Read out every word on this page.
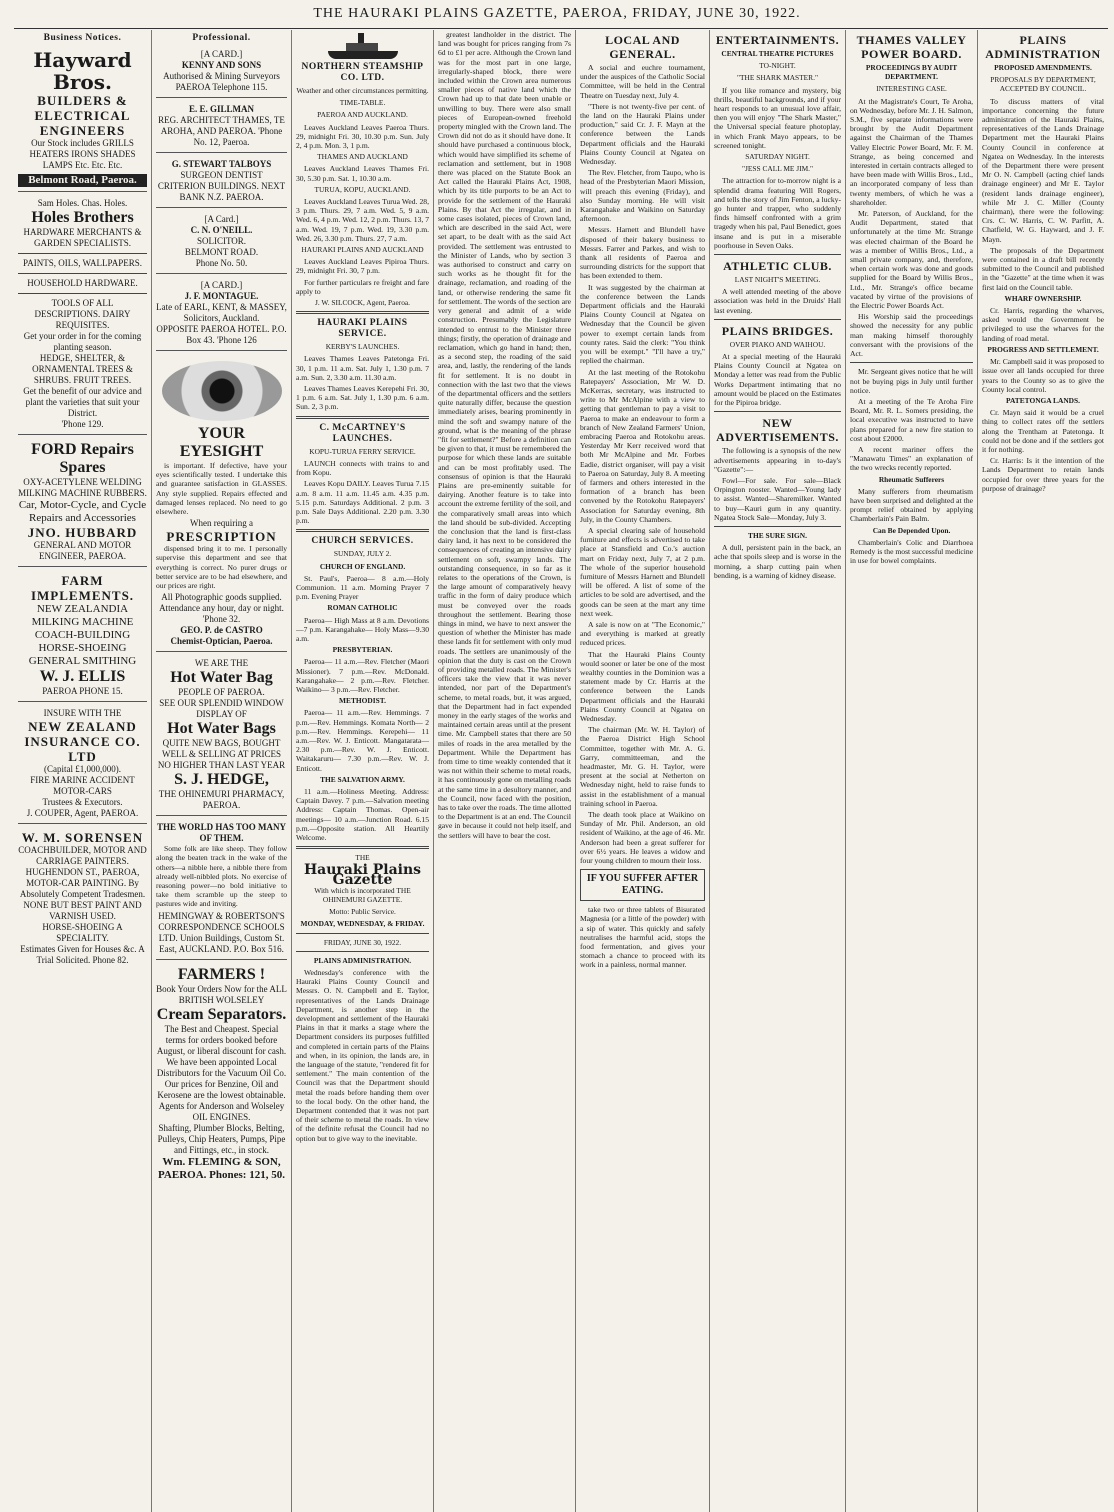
THE HAURAKI PLAINS GAZETTE, PAEROA, FRIDAY, JUNE 30, 1922.
Business Notices.
Hayward Bros.
BUILDERS &
ELECTRICAL
ENGINEERS
Our Stock includes GRILLS HEATERS IRONS SHADES LAMPS Etc. Etc. Etc.
Belmont Road, Paeroa.
Sam Holes. Chas. Holes.
Holes Brothers
HARDWARE MERCHANTS & GARDEN SPECIALISTS.
PAINTS, OILS, WALLPAPERS.
HOUSEHOLD HARDWARE.
TOOLS OF ALL DESCRIPTIONS. DAIRY REQUISITES.
Get your order in for the coming planting season.
HEDGE, SHELTER, & ORNAMENTAL TREES & SHRUBS. FRUIT TREES.
Get the benefit of our advice and plant the varieties that suit your District.
'Phone 129.
FORD Repairs Spares
OXY-ACETYLENE WELDING
MILKING MACHINE RUBBERS.
Car, Motor-Cycle, and Cycle Repairs and Accessories
JNO. HUBBARD
GENERAL AND MOTOR ENGINEER, PAEROA.
FARM IMPLEMENTS.
NEW ZEALANDIA MILKING MACHINE
COACH-BUILDING HORSE-SHOEING GENERAL SMITHING
W. J. ELLIS
PAEROA PHONE 15.
INSURE WITH THE
NEW ZEALAND INSURANCE CO. LTD
(Capital £1,000,000).
FIRE MARINE ACCIDENT MOTOR-CARS
Trustees & Executors.
J. COUPER, Agent, PAEROA.
W. M. SORENSEN
COACHBUILDER, MOTOR AND CARRIAGE PAINTERS. HUGHENDON ST., PAEROA,
MOTOR-CAR PAINTING. By Absolutely Competent Tradesmen.
NONE BUT BEST PAINT AND VARNISH USED.
HORSE-SHOEING A SPECIALITY.
Estimates Given for Houses &c. A Trial Solicited. Phone 82.
Professional.
[A CARD.]
KENNY AND SONS
Authorised & Mining Surveyors PAEROA Telephone 115.
E. E. GILLMAN
REG. ARCHITECT THAMES, TE AROHA, AND PAEROA. 'Phone No. 12, Paeroa.
G. STEWART TALBOYS
SURGEON DENTIST
CRITERION BUILDINGS. NEXT BANK N.Z. PAEROA.
[A Card.]
C. N. O'NEILL.
SOLICITOR.
BELMONT ROAD.
Phone No. 50.
[A CARD.]
J. F. MONTAGUE.
Late of EARL, KENT, & MASSEY, Solicitors, Auckland.
OPPOSITE PAEROA HOTEL. P.O. Box 43. 'Phone 126
YOUR EYESIGHT
is important. If defective, have your eyes scientifically tested. I undertake this and guarantee satisfaction in GLASSES. Any style supplied. Repairs effected and damaged lenses replaced. No need to go elsewhere.
When requiring a
PRESCRIPTION
dispensed bring it to me. I personally supervise this department and see that everything is correct. No purer drugs or better service are to be had elsewhere, and our prices are right.
All Photographic goods supplied.
Attendance any hour, day or night. 'Phone 32.
GEO. P. de CASTRO
Chemist-Optician, Paeroa.
WE ARE THE
Hot Water Bag
PEOPLE OF PAEROA.
SEE OUR SPLENDID WINDOW DISPLAY OF
Hot Water Bags
QUITE NEW BAGS, BOUGHT WELL & SELLING AT PRICES NO HIGHER THAN LAST YEAR
S. J. HEDGE,
THE OHINEMURI PHARMACY, PAEROA.
THE WORLD HAS TOO MANY OF THEM.
Some folk are like sheep. They follow along the beaten track in the wake of the others—a nibble here, a nibble there from already well-nibbled plots. No exercise of reasoning power—no bold initiative to take them scramble up the steep to pastures wide and inviting.
HEMINGWAY & ROBERTSON'S CORRESPONDENCE SCHOOLS LTD. Union Buildings, Custom St. East, AUCKLAND. P.O. Box 516.
FARMERS !
Book Your Orders Now for the ALL BRITISH WOLSELEY
Cream Separators.
The Best and Cheapest. Special terms for orders booked before August, or liberal discount for cash.
We have been appointed Local Distributors for the Vacuum Oil Co.
Our prices for Benzine, Oil and Kerosene are the lowest obtainable.
Agents for Anderson and Wolseley OIL ENGINES.
Shafting, Plumber Blocks, Belting, Pulleys, Chip Heaters, Pumps, Pipe and Fittings, etc., in stock.
Wm. FLEMING & SON, PAEROA. Phones: 121, 50.
NORTHERN STEAMSHIP CO. LTD.
Weather and other circumstances permitting.
TIME-TABLE.
PAEROA AND AUCKLAND.
Leaves Auckland Leaves Paeroa Thurs. 29, midnight Fri. 30, 10.30 p.m. Sun. July 2, 4 p.m. Mon. 3, 1 p.m.
THAMES AND AUCKLAND
Leaves Auckland Leaves Thames Fri. 30, 5.30 p.m. Sat. 1, 10.30 a.m.
TURUA, KOPU, AUCKLAND.
Leaves Auckland Leaves Turua Wed. 28, 3 p.m. Thurs. 29, 7 a.m. Wed. 5, 9 a.m. Wed. 6, 4 p.m. Wed. 12, 2 p.m. Thurs. 13, 7 a.m. Wed. 19, 7 p.m. Wed. 19, 3.30 p.m. Wed. 26, 3.30 p.m. Thurs. 27, 7 a.m.
HAURAKI PLAINS AND AUCKLAND
Leaves Auckland Leaves Pipiroa Thurs. 29, midnight Fri. 30, 7 p.m.
For further particulars re freight and fare apply to
J. W. SILCOCK, Agent, Paeroa.
HAURAKI PLAINS SERVICE.
KERBY'S LAUNCHES.
Leaves Thames Leaves Patetonga Fri. 30, 1 p.m. 11 a.m. Sat. July 1, 1.30 p.m. 7 a.m. Sun. 2, 3.30 a.m. 11.30 a.m.
Leaves Thames Leaves Kerepehi Fri. 30, 1 p.m. 6 a.m. Sat. July 1, 1.30 p.m. 6 a.m. Sun. 2, 3 p.m.
C. McCARTNEY'S LAUNCHES.
KOPU-TURUA FERRY SERVICE.
LAUNCH connects with trains to and from Kopu.
Leaves Kopu DAILY. Leaves Turua 7.15 a.m. 8 a.m. 11 a.m. 11.45 a.m. 4.35 p.m. 5.15 p.m. Saturdays Additional. 2 p.m. 3 p.m. Sale Days Additional. 2.20 p.m. 3.30 p.m.
CHURCH SERVICES.
SUNDAY, JULY 2.
CHURCH OF ENGLAND.
St. Paul's, Paeroa— 8 a.m.—Holy Communion. 11 a.m. Morning Prayer 7 p.m. Evening Prayer
ROMAN CATHOLIC
Paeroa— High Mass at 8 a.m. Devotions—7 p.m. Karangahake— Holy Mass—9.30 a.m.
PRESBYTERIAN.
Paeroa— 11 a.m.—Rev. Fletcher (Maori Missioner). 7 p.m.—Rev. McDonald. Karangahake— 2 p.m.—Rev. Fletcher. Waikino— 3 p.m.—Rev. Fletcher.
METHODIST.
Paeroa— 11 a.m.—Rev. Hemmings. 7 p.m.—Rev. Hemmings. Komata North— 2 p.m.—Rev. Hemmings. Kerepehi— 11 a.m.—Rev. W. J. Enticott. Mangatarata— 2.30 p.m.—Rev. W. J. Enticott. Waitakaruru— 7.30 p.m.—Rev. W. J. Enticott.
THE SALVATION ARMY.
11 a.m.—Holiness Meeting. Address: Captain Davey. 7 p.m.—Salvation meeting Address: Captain Thomas. Open-air meetings— 10 a.m.—Junction Road. 6.15 p.m.—Opposite station. All Heartily Welcome.
THE
Hauraki Plains Gazette
With which is incorporated THE OHINEMURI GAZETTE.
Motto: Public Service.
MONDAY, WEDNESDAY, & FRIDAY.
FRIDAY, JUNE 30, 1922.
PLAINS ADMINISTRATION.
Wednesday's conference with the Hauraki Plains County Council and Messrs. O. N. Campbell and E. Taylor, representatives of the Lands Drainage Department, is another step in the development and settlement of the Hauraki Plains in that it marks a stage where the Department considers its purposes fulfilled and completed in certain parts of the Plains and when, in its opinion, the lands are, in the language of the statute, "rendered fit for settlement." The main contention of the Council was that the Department should metal the roads before handing them over to the local body. On the other hand, the Department contended that it was not part of their scheme to metal the roads. In view of the definite refusal the Council had no option but to give way to the inevitable.
greatest landholder in the district. The land was bought for prices ranging from 7s 6d to £1 per acre. Although the Crown land was for the most part in one large, irregularly-shaped block, there were included within the Crown area numerous smaller pieces of native land which the Crown had up to that date been unable or unwilling to buy. There were also small pieces of European-owned freehold property mingled with the Crown land. The Crown did not do as it should have done. It should have purchased a continuous block, which would have simplified its scheme of reclamation and settlement, but in 1908 there was placed on the Statute Book an Act called the Hauraki Plains Act, 1908, which by its title purports to be an Act to provide for the settlement of the Hauraki Plains. By that Act the irregular, and in some cases isolated, pieces of Crown land, which are described in the said Act, were set apart, to be dealt with as the said Act provided. The settlement was entrusted to the Minister of Lands, who by section 3 was authorised to construct and carry on such works as he thought fit for the drainage, reclamation, and roading of the land, or otherwise rendering the same fit for settlement. The words of the section are very general and admit of a wide construction. Presumably the Legislature intended to entrust to the Minister three things; firstly, the operation of drainage and reclamation, which go hand in hand; then, as a second step, the roading of the said area, and, lastly, the rendering of the lands fit for settlement. It is no doubt in connection with the last two that the views of the departmental officers and the settlers quite naturally differ, because the question immediately arises, bearing prominently in mind the soft and swampy nature of the ground, what is the meaning of the phrase "fit for settlement?" Before a definition can be given to that, it must be remembered the purpose for which these lands are suitable and can be most profitably used. The consensus of opinion is that the Hauraki Plains are pre-eminently suitable for dairying. Another feature is to take into account the extreme fertility of the soil, and the comparatively small areas into which the land should be sub-divided. Accepting the conclusion that the land is first-class dairy land, it has next to be considered the consequences of creating an intensive dairy settlement on soft, swampy lands. The outstanding consequence, in so far as it relates to the operations of the Crown, is the large amount of comparatively heavy traffic in the form of dairy produce which must be conveyed over the roads throughout the settlement. Bearing those things in mind, we have to next answer the question of whether the Minister has made these lands fit for settlement with only mud roads. The settlers are unanimously of the opinion that the duty is cast on the Crown of providing metalled roads. The Minister's officers take the view that it was never intended, nor part of the Department's scheme, to metal roads, but, it was argued, that the Department had in fact expended money in the early stages of the works and maintained certain areas until at the present time. Mr. Campbell states that there are 50 miles of roads in the area metalled by the Department. While the Department has from time to time weakly contended that it was not within their scheme to metal roads, it has continuously gone on metalling roads at the same time in a desultory manner, and the Council, now faced with the position, has to take over the roads. The time allotted to the Department is at an end. The Council gave in because it could not help itself, and the settlers will have to bear the cost.
LOCAL AND GENERAL.
A social and euchre tournament, under the auspices of the Catholic Social Committee, will be held in the Central Theatre on Tuesday next, July 4.
"There is not twenty-five per cent. of the land on the Hauraki Plains under production," said Cr. J. F. Mayn at the conference between the Lands Department officials and the Hauraki Plains County Council at Ngatea on Wednesday.
The Rev. Fletcher, from Taupo, who is head of the Presbyterian Maori Mission, will preach this evening (Friday), and also Sunday morning. He will visit Karangahake and Waikino on Saturday afternoon.
Messrs. Harnett and Blundell have disposed of their bakery business to Messrs. Farrer and Parkes, and wish to thank all residents of Paeroa and surrounding districts for the support that has been extended to them.
It was suggested by the chairman at the conference between the Lands Department officials and the Hauraki Plains County Council at Ngatea on Wednesday that the Council be given power to exempt certain lands from county rates. Said the clerk: "You think you will be exempt." "I'll have a try," replied the chairman.
At the last meeting of the Rotokohu Ratepayers' Association, Mr W. D. McKerras, secretary, was instructed to write to Mr McAlpine with a view to getting that gentleman to pay a visit to Paeroa to make an endeavour to form a branch of New Zealand Farmers' Union, embracing Paeroa and Rotokohu areas. Yesterday Mr Kerr received word that both Mr McAlpine and Mr. Forbes Eadie, district organiser, will pay a visit to Paeroa on Saturday, July 8. A meeting of farmers and others interested in the formation of a branch has been convened by the Rotokohu Ratepayers' Association for Saturday evening, 8th July, in the County Chambers.
A special clearing sale of household furniture and effects is advertised to take place at Stansfield and Co.'s auction mart on Friday next, July 7, at 2 p.m. The whole of the superior household furniture of Messrs Harnett and Blundell will be offered. A list of some of the articles to be sold are advertised, and the goods can be seen at the mart any time next week.
A sale is now on at "The Economic," and everything is marked at greatly reduced prices.
That the Hauraki Plains County would sooner or later be one of the most wealthy counties in the Dominion was a statement made by Cr. Harris at the conference between the Lands Department officials and the Hauraki Plains County Council at Ngatea on Wednesday.
The chairman (Mr. W. H. Taylor) of the Paeroa District High School Committee, together with Mr. A. G. Garry, committeeman, and the headmaster, Mr. G. H. Taylor, were present at the social at Netherton on Wednesday night, held to raise funds to assist in the establishment of a manual training school in Paeroa.
The death took place at Waikino on Sunday of Mr. Phil. Anderson, an old resident of Waikino, at the age of 46. Mr. Anderson had been a great sufferer for over 6½ years. He leaves a widow and four young children to mourn their loss.
IF YOU SUFFER AFTER EATING.
take two or three tablets of Bisurated Magnesia (or a little of the powder) with a sip of water. This quickly and safely neutralises the harmful acid, stops the food fermentation, and gives your stomach a chance to proceed with its work in a painless, normal manner.
ENTERTAINMENTS.
CENTRAL THEATRE PICTURES
TO-NIGHT.
"THE SHARK MASTER."
If you like romance and mystery, big thrills, beautiful backgrounds, and if your heart responds to an unusual love affair, then you will enjoy "The Shark Master," the Universal special feature photoplay, in which Frank Mayo appears, to be screened tonight.
SATURDAY NIGHT.
"JESS CALL ME JIM."
The attraction for to-morrow night is a splendid drama featuring Will Rogers, and tells the story of Jim Fenton, a lucky-go hunter and trapper, who suddenly finds himself confronted with a grim tragedy when his pal, Paul Benedict, goes insane and is put in a miserable poorhouse in Seven Oaks.
ATHLETIC CLUB.
LAST NIGHT'S MEETING.
A well attended meeting of the above association was held in the Druids' Hall last evening.
PLAINS BRIDGES.
OVER PIAKO AND WAIHOU.
At a special meeting of the Hauraki Plains County Council at Ngatea on Monday a letter was read from the Public Works Department intimating that no amount would be placed on the Estimates for the Pipiroa bridge.
NEW ADVERTISEMENTS.
The following is a synopsis of the new advertisements appearing in to-day's "Gazette":—
Fowl—For sale. For sale—Black Orpington rooster. Wanted—Young lady to assist. Wanted—Sharemilker. Wanted to buy—Kauri gum in any quantity. Ngatea Stock Sale—Monday, July 3.
THE SURE SIGN.
A dull, persistent pain in the back, an ache that spoils sleep and is worse in the morning, a sharp cutting pain when bending, is a warning of kidney disease.
THAMES VALLEY POWER BOARD.
PROCEEDINGS BY AUDIT DEPARTMENT.
INTERESTING CASE.
At the Magistrate's Court, Te Aroha, on Wednesday, before Mr. J. H. Salmon, S.M., five separate informations were brought by the Audit Department against the Chairman of the Thames Valley Electric Power Board, Mr. F. M. Strange, as being concerned and interested in certain contracts alleged to have been made with Willis Bros., Ltd., an incorporated company of less than twenty members, of which he was a shareholder.
Mr. Paterson, of Auckland, for the Audit Department, stated that unfortunately at the time Mr. Strange was elected chairman of the Board he was a member of Willis Bros., Ltd., a small private company, and, therefore, when certain work was done and goods supplied for the Board by Willis Bros., Ltd., Mr. Strange's office became vacated by virtue of the provisions of the Electric Power Boards Act.
His Worship said the proceedings showed the necessity for any public man making himself thoroughly conversant with the provisions of the Act.
Mr. Sergeant gives notice that he will not be buying pigs in July until further notice.
At a meeting of the Te Aroha Fire Board, Mr. R. L. Somers presiding, the local executive was instructed to have plans prepared for a new fire station to cost about £2000.
A recent mariner offers the "Manawatu Times" an explanation of the two wrecks recently reported.
Rheumatic Sufferers
Many sufferers from rheumatism have been surprised and delighted at the prompt relief obtained by applying Chamberlain's Pain Balm.
Can Be Depended Upon.
Chamberlain's Colic and Diarrhoea Remedy is the most successful medicine in use for bowel complaints.
PLAINS ADMINISTRATION
PROPOSED AMENDMENTS.
PROPOSALS BY DEPARTMENT, ACCEPTED BY COUNCIL.
To discuss matters of vital importance concerning the future administration of the Hauraki Plains, representatives of the Lands Drainage Department met the Hauraki Plains County Council in conference at Ngatea on Wednesday. In the interests of the Department there were present Mr O. N. Campbell (acting chief lands drainage engineer) and Mr E. Taylor (resident lands drainage engineer), while Mr J. C. Miller (County chairman), there were the following: Crs. C. W. Harris, C. W. Parfitt, A. Chatfield, W. G. Hayward, and J. F. Mayn.
The proposals of the Department were contained in a draft bill recently submitted to the Council and published in the "Gazette" at the time when it was first laid on the Council table.
WHARF OWNERSHIP.
Cr. Harris, regarding the wharves, asked would the Government be privileged to use the wharves for the landing of road metal.
PROGRESS AND SETTLEMENT.
Mr. Campbell said it was proposed to issue over all lands occupied for three years to the County so as to give the County local control.
PATETONGA LANDS.
Cr. Mayn said it would be a cruel thing to collect rates off the settlers along the Trentham at Patetonga. It could not be done and if the settlers got it for nothing.
Cr. Harris: Is it the intention of the Lands Department to retain lands occupied for over three years for the purpose of drainage?
